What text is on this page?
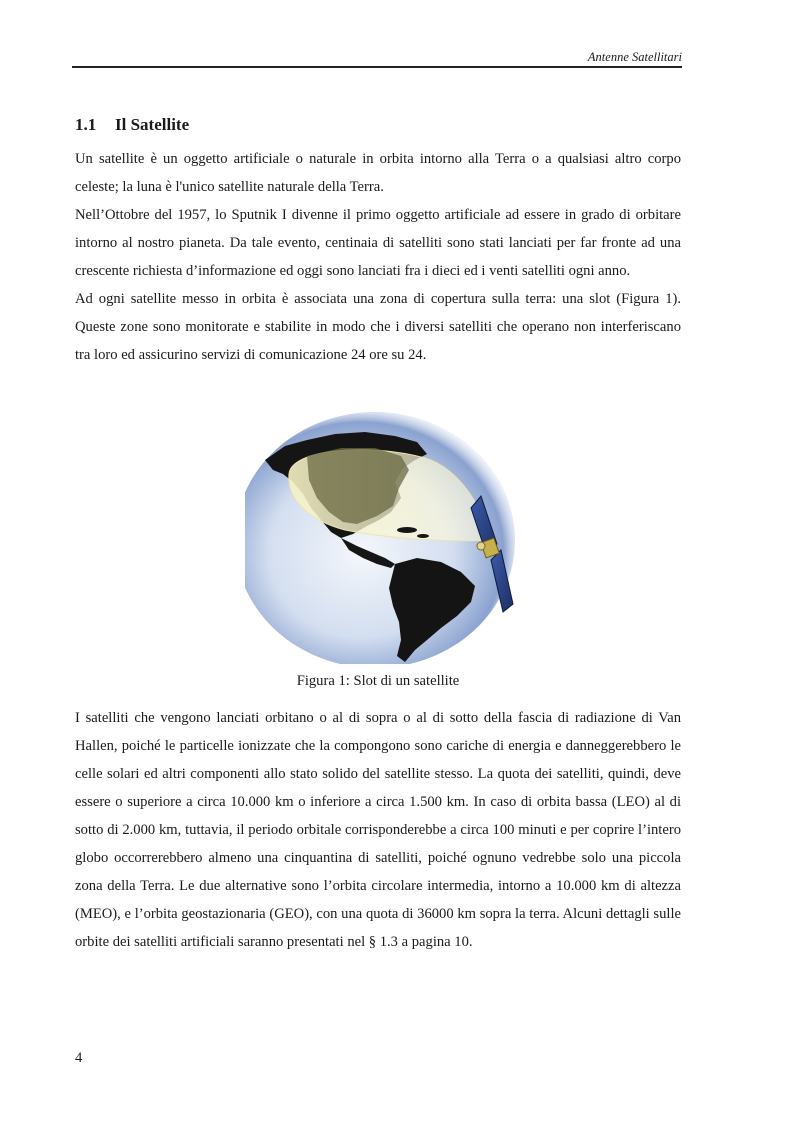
Antenne Satellitari
1.1 Il Satellite

Un satellite è un oggetto artificiale o naturale in orbita intorno alla Terra o a qualsiasi altro corpo celeste; la luna è l'unico satellite naturale della Terra.

Nell’Ottobre del 1957, lo Sputnik I divenne il primo oggetto artificiale ad essere in grado di orbitare intorno al nostro pianeta. Da tale evento, centinaia di satelliti sono stati lanciati per far fronte ad una crescente richiesta d’informazione ed oggi sono lanciati fra i dieci ed i venti satelliti ogni anno.

Ad ogni satellite messo in orbita è associata una zona di copertura sulla terra: una slot (Figura 1). Queste zone sono monitorate e stabilite in modo che i diversi satelliti che operano non interferiscano tra loro ed assicurino servizi di comunicazione 24 ore su 24.

Figura 1: Slot di un satellite

I satelliti che vengono lanciati orbitano o al di sopra o al di sotto della fascia di radiazione di Van Hallen, poiché le particelle ionizzate che la compongono sono cariche di energia e danneggerebbero le celle solari ed altri componenti allo stato solido del satellite stesso. La quota dei satelliti, quindi, deve essere o superiore a circa 10.000 km o inferiore a circa 1.500 km. In caso di orbita bassa (LEO) al di sotto di 2.000 km, tuttavia, il periodo orbitale corrisponderebbe a circa 100 minuti e per coprire l’intero globo occorrerebbero almeno una cinquantina di satelliti, poiché ognuno vedrebbe solo una piccola zona della Terra. Le due alternative sono l’orbita circolare intermedia, intorno a 10.000 km di altezza (MEO), e l’orbita geostazionaria (GEO), con una quota di 36000 km sopra la terra. Alcuni dettagli sulle orbite dei satelliti artificiali saranno presentati nel § 1.3 a pagina 10.

4
